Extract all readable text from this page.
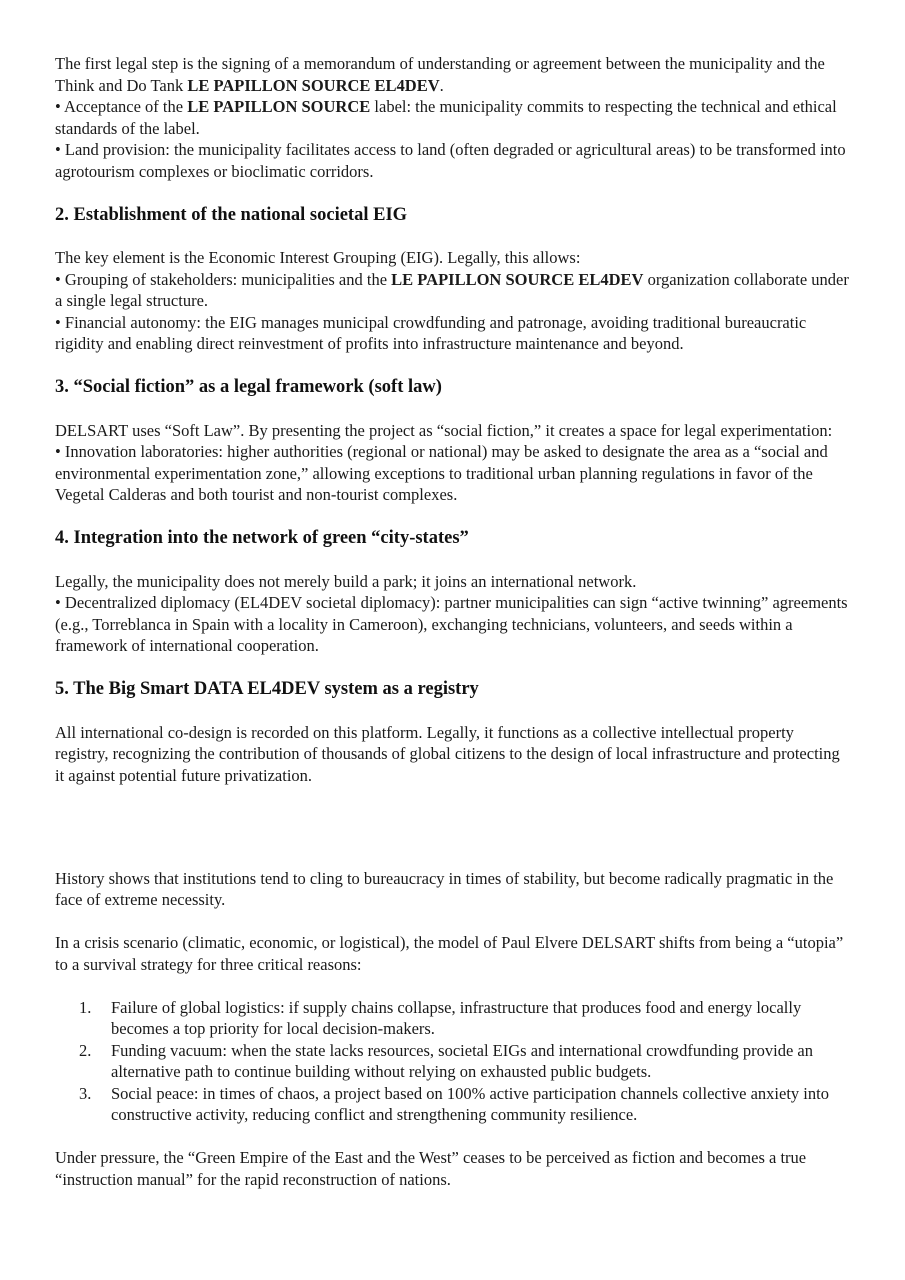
The first legal step is the signing of a memorandum of understanding or agreement between the municipality and the Think and Do Tank LE PAPILLON SOURCE EL4DEV.

• Acceptance of the LE PAPILLON SOURCE label: the municipality commits to respecting the technical and ethical standards of the label.

• Land provision: the municipality facilitates access to land (often degraded or agricultural areas) to be transformed into agrotourism complexes or bioclimatic corridors.

2. Establishment of the national societal EIG

The key element is the Economic Interest Grouping (EIG). Legally, this allows:

• Grouping of stakeholders: municipalities and the LE PAPILLON SOURCE EL4DEV organization collaborate under a single legal structure.

• Financial autonomy: the EIG manages municipal crowdfunding and patronage, avoiding traditional bureaucratic rigidity and enabling direct reinvestment of profits into infrastructure maintenance and beyond.

3. “Social fiction” as a legal framework (soft law)

DELSART uses “Soft Law”. By presenting the project as “social fiction,” it creates a space for legal experimentation:

• Innovation laboratories: higher authorities (regional or national) may be asked to designate the area as a “social and environmental experimentation zone,” allowing exceptions to traditional urban planning regulations in favor of the Vegetal Calderas and both tourist and non-tourist complexes.

4. Integration into the network of green “city-states”

Legally, the municipality does not merely build a park; it joins an international network.

• Decentralized diplomacy (EL4DEV societal diplomacy): partner municipalities can sign “active twinning” agreements (e.g., Torreblanca in Spain with a locality in Cameroon), exchanging technicians, volunteers, and seeds within a framework of international cooperation.

5. The Big Smart DATA EL4DEV system as a registry

All international co-design is recorded on this platform. Legally, it functions as a collective intellectual property registry, recognizing the contribution of thousands of global citizens to the design of local infrastructure and protecting it against potential future privatization.

History shows that institutions tend to cling to bureaucracy in times of stability, but become radically pragmatic in the face of extreme necessity.

In a crisis scenario (climatic, economic, or logistical), the model of Paul Elvere DELSART shifts from being a “utopia” to a survival strategy for three critical reasons:

Failure of global logistics: if supply chains collapse, infrastructure that produces food and energy locally becomes a top priority for local decision-makers.
Funding vacuum: when the state lacks resources, societal EIGs and international crowdfunding provide an alternative path to continue building without relying on exhausted public budgets.
Social peace: in times of chaos, a project based on 100% active participation channels collective anxiety into constructive activity, reducing conflict and strengthening community resilience.

Under pressure, the “Green Empire of the East and the West” ceases to be perceived as fiction and becomes a true “instruction manual” for the rapid reconstruction of nations.
